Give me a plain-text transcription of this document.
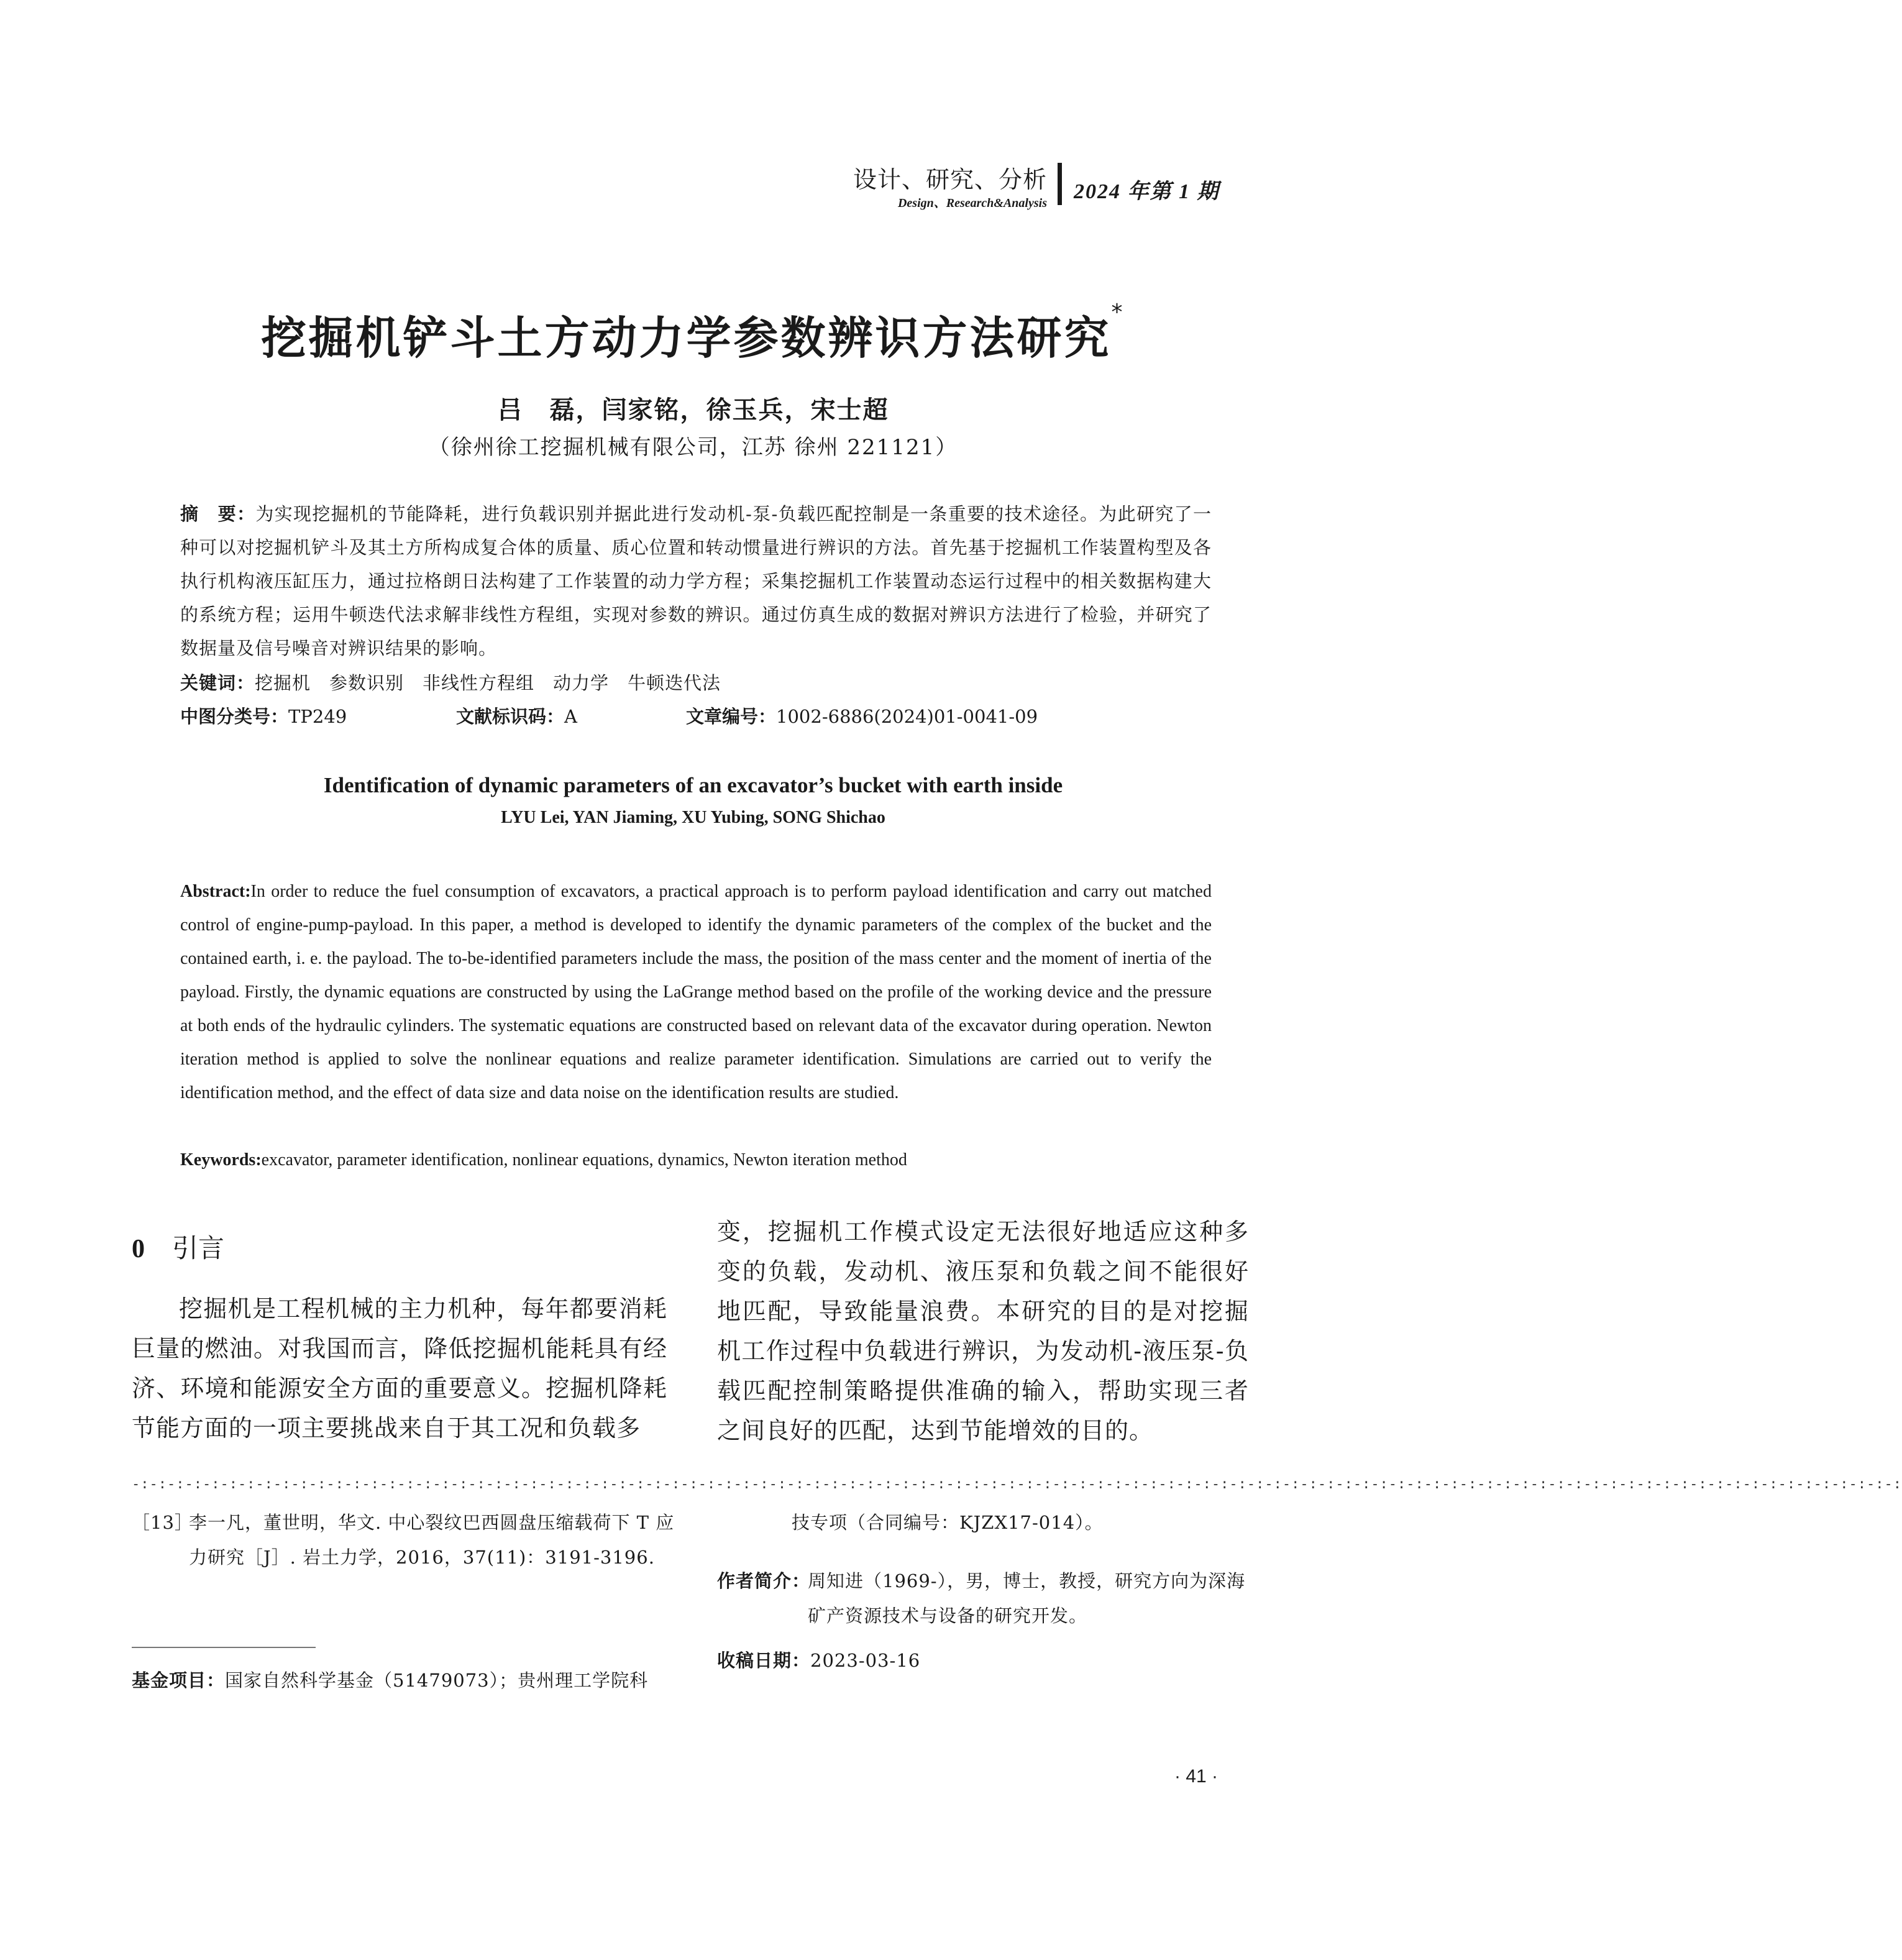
设计、研究、分析
Design、Research&Analysis 2024 年第 1 期
挖掘机铲斗土方动力学参数辨识方法研究*
吕　磊，闫家铭，徐玉兵，宋士超
（徐州徐工挖掘机械有限公司，江苏 徐州 221121）
摘　要：为实现挖掘机的节能降耗，进行负载识别并据此进行发动机-泵-负载匹配控制是一条重要的技术途径。为此研究了一种可以对挖掘机铲斗及其土方所构成复合体的质量、质心位置和转动惯量进行辨识的方法。首先基于挖掘机工作装置构型及各执行机构液压缸压力，通过拉格朗日法构建了工作装置的动力学方程；采集挖掘机工作装置动态运行过程中的相关数据构建大的系统方程；运用牛顿迭代法求解非线性方程组，实现对参数的辨识。通过仿真生成的数据对辨识方法进行了检验，并研究了数据量及信号噪音对辨识结果的影响。
关键词：挖掘机　参数识别　非线性方程组　动力学　牛顿迭代法
中图分类号：TP249	文献标识码：A	文章编号：1002-6886(2024)01-0041-09
Identification of dynamic parameters of an excavator’s bucket with earth inside
LYU Lei, YAN Jiaming, XU Yubing, SONG Shichao
Abstract:In order to reduce the fuel consumption of excavators, a practical approach is to perform payload identification and carry out matched control of engine-pump-payload. In this paper, a method is developed to identify the dynamic parameters of the complex of the bucket and the contained earth, i. e. the payload. The to-be-identified parameters include the mass, the position of the mass center and the moment of inertia of the payload. Firstly, the dynamic equations are constructed by using the LaGrange method based on the profile of the working device and the pressure at both ends of the hydraulic cylinders. The systematic equations are constructed based on relevant data of the excavator during operation. Newton iteration method is applied to solve the nonlinear equations and realize parameter identification. Simulations are carried out to verify the identification method, and the effect of data size and data noise on the identification results are studied.
Keywords:excavator, parameter identification, nonlinear equations, dynamics, Newton iteration method
0 引言
挖掘机是工程机械的主力机种，每年都要消耗巨量的燃油。对我国而言，降低挖掘机能耗具有经济、环境和能源安全方面的重要意义。挖掘机降耗节能方面的一项主要挑战来自于其工况和负载多
变，挖掘机工作模式设定无法很好地适应这种多变的负载，发动机、液压泵和负载之间不能很好地匹配，导致能量浪费。本研究的目的是对挖掘机工作过程中负载进行辨识，为发动机-液压泵-负载匹配控制策略提供准确的输入，帮助实现三者之间良好的匹配，达到节能增效的目的。
-:-:-:-:-:-:-:-:-:-:-:-:-:-:-:-:-:-:-:-:-:-:-:-:-:-:-:-:-:-:-:-:-:-:-:-:-:-:-:-:-:-:-:-:-:-:-:-:-:-:-:-:-:-:-:-:-:-:-:-:-:-:-:-:-:-:-:-:-:-:-:-:-:-:-:-:-:-:-:-:-:-:-:-:-:-:-:-:-:-:-:-:-:-:-:-:-:-:-:-:
［13］
李一凡，董世明，华文. 中心裂纹巴西圆盘压缩载荷下 T 应力研究［J］. 岩土力学，2016，37(11)：3191-3196.
基金项目：国家自然科学基金（51479073）；贵州理工学院科
技专项（合同编号：KJZX17-014）。
作者简介：
周知进（1969-），男，博士，教授，研究方向为深海矿产资源技术与设备的研究开发。
收稿日期：2023-03-16
· 41 ·
